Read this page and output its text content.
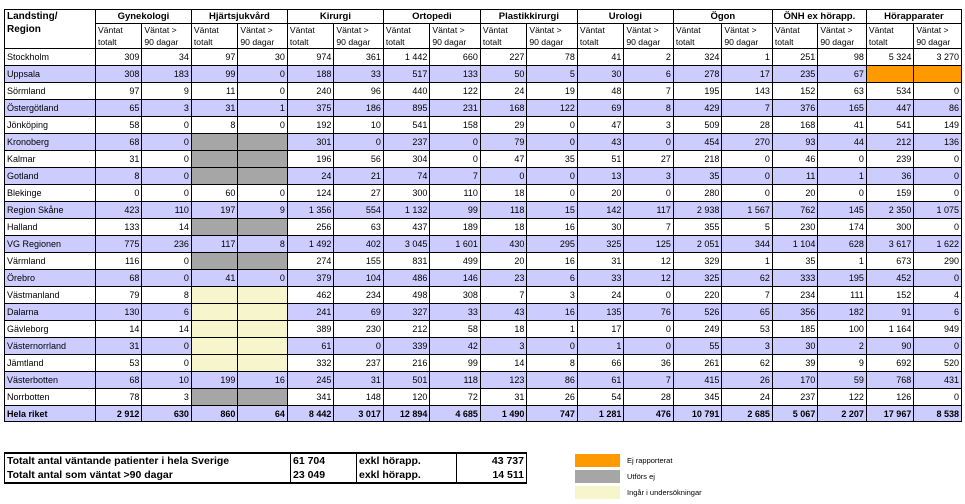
Landsting/
Region	Gynekologi		Hjärtsjukvård		Kirurgi		Ortopedi		Plastikkirurgi		Urologi		Ögon		ÖNH ex hörapp.		Hörapparater	
	Väntat	Väntat >	Väntat	Väntat >	Väntat	Väntat >	Väntat	Väntat >	Väntat	Väntat >	Väntat	Väntat >	Väntat	Väntat >	Väntat	Väntat >	Väntat	Väntat >
	totalt	90 dagar	totalt	90 dagar	totalt	90 dagar	totalt	90 dagar	totalt	90 dagar	totalt	90 dagar	totalt	90 dagar	totalt	90 dagar	totalt	90 dagar
Stockholm	309	34	97	30	974	361	1 442	660	227	78	41	2	324	1	251	98	5 324	3 270
Uppsala	308	183	99	0	188	33	517	133	50	5	30	6	278	17	235	67		
Sörmland	97	9	11	0	240	96	440	122	24	19	48	7	195	143	152	63	534	0
Östergötland	65	3	31	1	375	186	895	231	168	122	69	8	429	7	376	165	447	86
Jönköping	58	0	8	0	192	10	541	158	29	0	47	3	509	28	168	41	541	149
Kronoberg	68	0			301	0	237	0	79	0	43	0	454	270	93	44	212	136
Kalmar	31	0			196	56	304	0	47	35	51	27	218	0	46	0	239	0
Gotland	8	0			24	21	74	7	0	0	13	3	35	0	11	1	36	0
Blekinge	0	0	60	0	124	27	300	110	18	0	20	0	280	0	20	0	159	0
Region Skåne	423	110	197	9	1 356	554	1 132	99	118	15	142	117	2 938	1 567	762	145	2 350	1 075
Halland	133	14			256	63	437	189	18	16	30	7	355	5	230	174	300	0
VG Regionen	775	236	117	8	1 492	402	3 045	1 601	430	295	325	125	2 051	344	1 104	628	3 617	1 622
Värmland	116	0			274	155	831	499	20	16	31	12	329	1	35	1	673	290
Örebro	68	0	41	0	379	104	486	146	23	6	33	12	325	62	333	195	452	0
Västmanland	79	8			462	234	498	308	7	3	24	0	220	7	234	111	152	4
Dalarna	130	6			241	69	327	33	43	16	135	76	526	65	356	182	91	6
Gävleborg	14	14			389	230	212	58	18	1	17	0	249	53	185	100	1 164	949
Västernorrland	31	0			61	0	339	42	3	0	1	0	55	3	30	2	90	0
Jämtland	53	0			332	237	216	99	14	8	66	36	261	62	39	9	692	520
Västerbotten	68	10	199	16	245	31	501	118	123	86	61	7	415	26	170	59	768	431
Norrbotten	78	3			341	148	120	72	31	26	54	28	345	24	237	122	126	0
Hela riket	2 912	630	860	64	8 442	3 017	12 894	4 685	1 490	747	1 281	476	10 791	2 685	5 067	2 207	17 967	8 538
Totalt antal väntande patienter i hela Sverige	61 704	exkl hörapp.	43 737
Totalt antal som väntat >90 dagar	23 049	exkl hörapp.	14 511
Ej rapporterat
Utförs ej
Ingår i undersökningar
